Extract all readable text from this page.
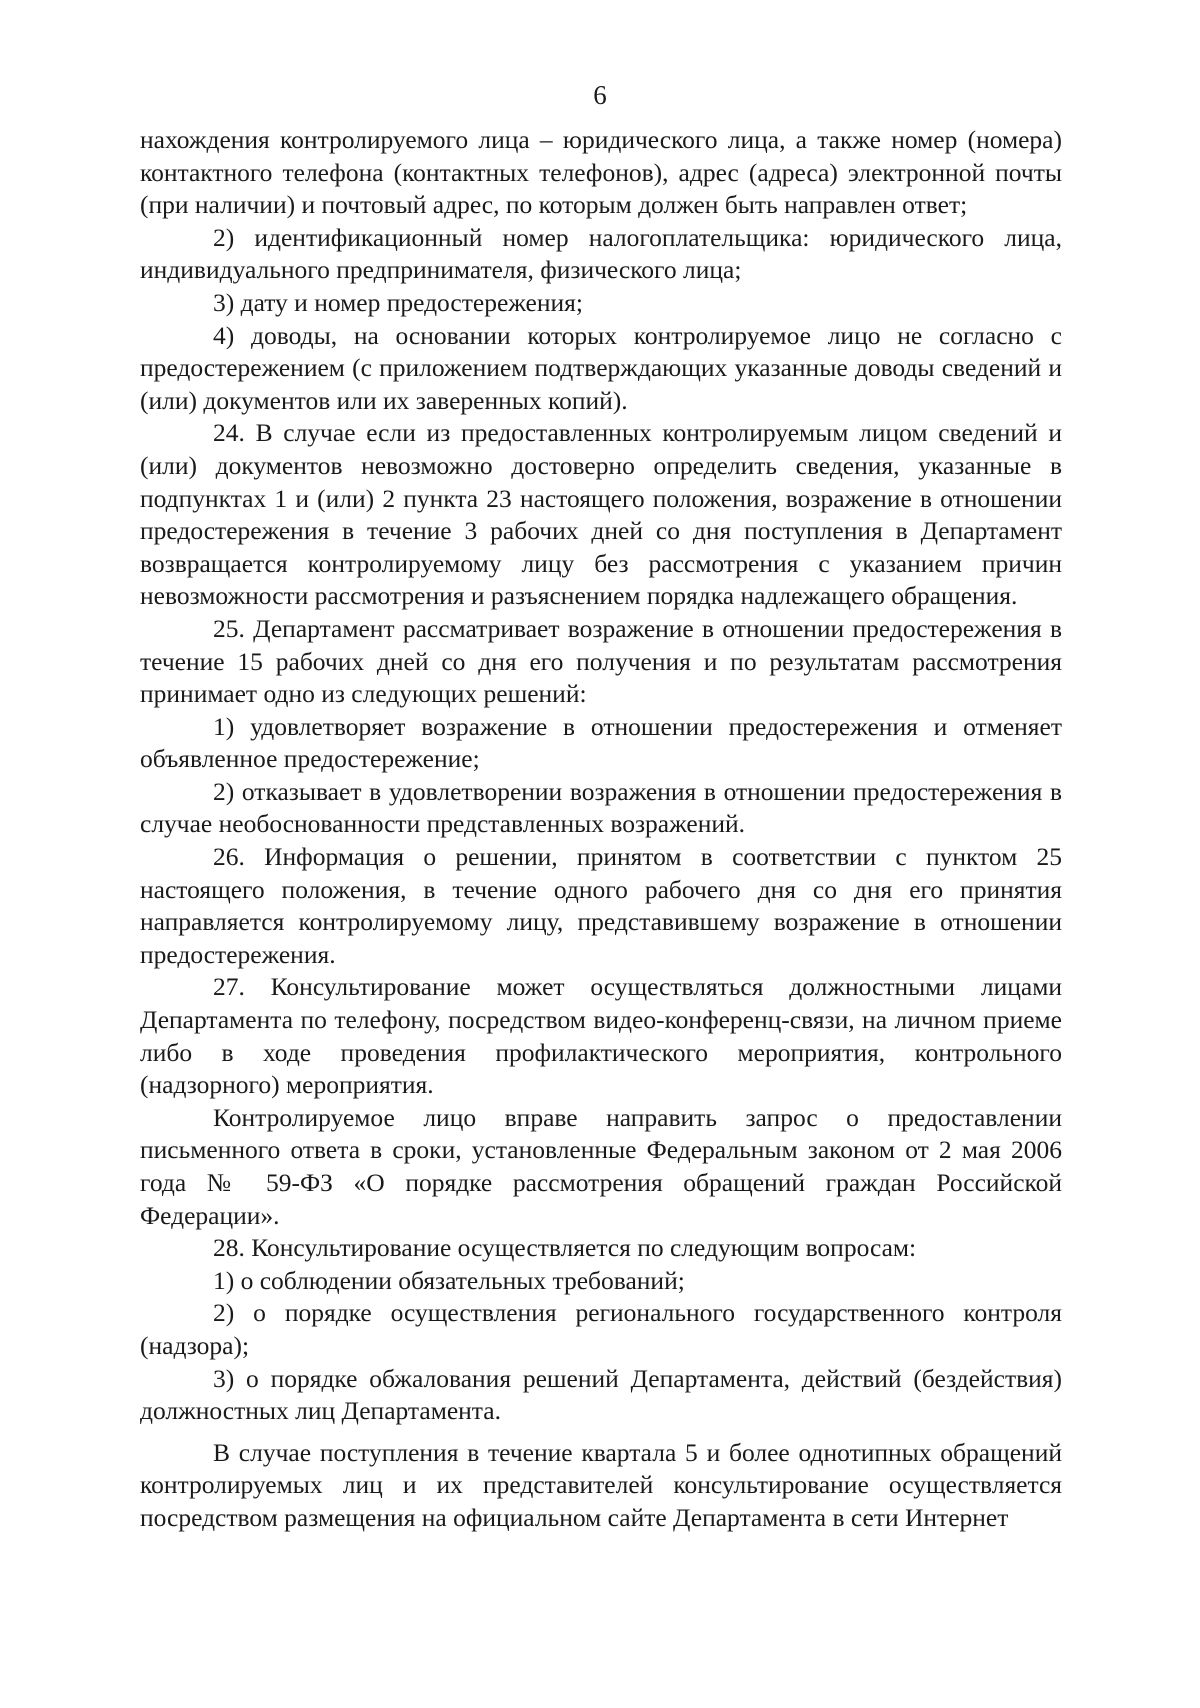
6

нахождения контролируемого лица – юридического лица, а также номер (номера) контактного телефона (контактных телефонов), адрес (адреса) электронной почты (при наличии) и почтовый адрес, по которым должен быть направлен ответ;

2) идентификационный номер налогоплательщика: юридического лица, индивидуального предпринимателя, физического лица;

3) дату и номер предостережения;

4) доводы, на основании которых контролируемое лицо не согласно с предостережением (с приложением подтверждающих указанные доводы сведений и (или) документов или их заверенных копий).

24. В случае если из предоставленных контролируемым лицом сведений и (или) документов невозможно достоверно определить сведения, указанные в подпунктах 1 и (или) 2 пункта 23 настоящего положения, возражение в отношении предостережения в течение 3 рабочих дней со дня поступления в Департамент возвращается контролируемому лицу без рассмотрения с указанием причин невозможности рассмотрения и разъяснением порядка надлежащего обращения.

25. Департамент рассматривает возражение в отношении предостережения в течение 15 рабочих дней со дня его получения и по результатам рассмотрения принимает одно из следующих решений:

1) удовлетворяет возражение в отношении предостережения и отменяет объявленное предостережение;

2) отказывает в удовлетворении возражения в отношении предостережения в случае необоснованности представленных возражений.

26. Информация о решении, принятом в соответствии с пунктом 25 настоящего положения, в течение одного рабочего дня со дня его принятия направляется контролируемому лицу, представившему возражение в отношении предостережения.

27. Консультирование может осуществляться должностными лицами Департамента по телефону, посредством видео-конференц-связи, на личном приеме либо в ходе проведения профилактического мероприятия, контрольного (надзорного) мероприятия.

Контролируемое лицо вправе направить запрос о предоставлении письменного ответа в сроки, установленные Федеральным законом от 2 мая 2006 года № 59-ФЗ «О порядке рассмотрения обращений граждан Российской Федерации».

28. Консультирование осуществляется по следующим вопросам:

1) о соблюдении обязательных требований;

2) о порядке осуществления регионального государственного контроля (надзора);

3) о порядке обжалования решений Департамента, действий (бездействия) должностных лиц Департамента.

В случае поступления в течение квартала 5 и более однотипных обращений контролируемых лиц и их представителей консультирование осуществляется посредством размещения на официальном сайте Департамента в сети Интернет
